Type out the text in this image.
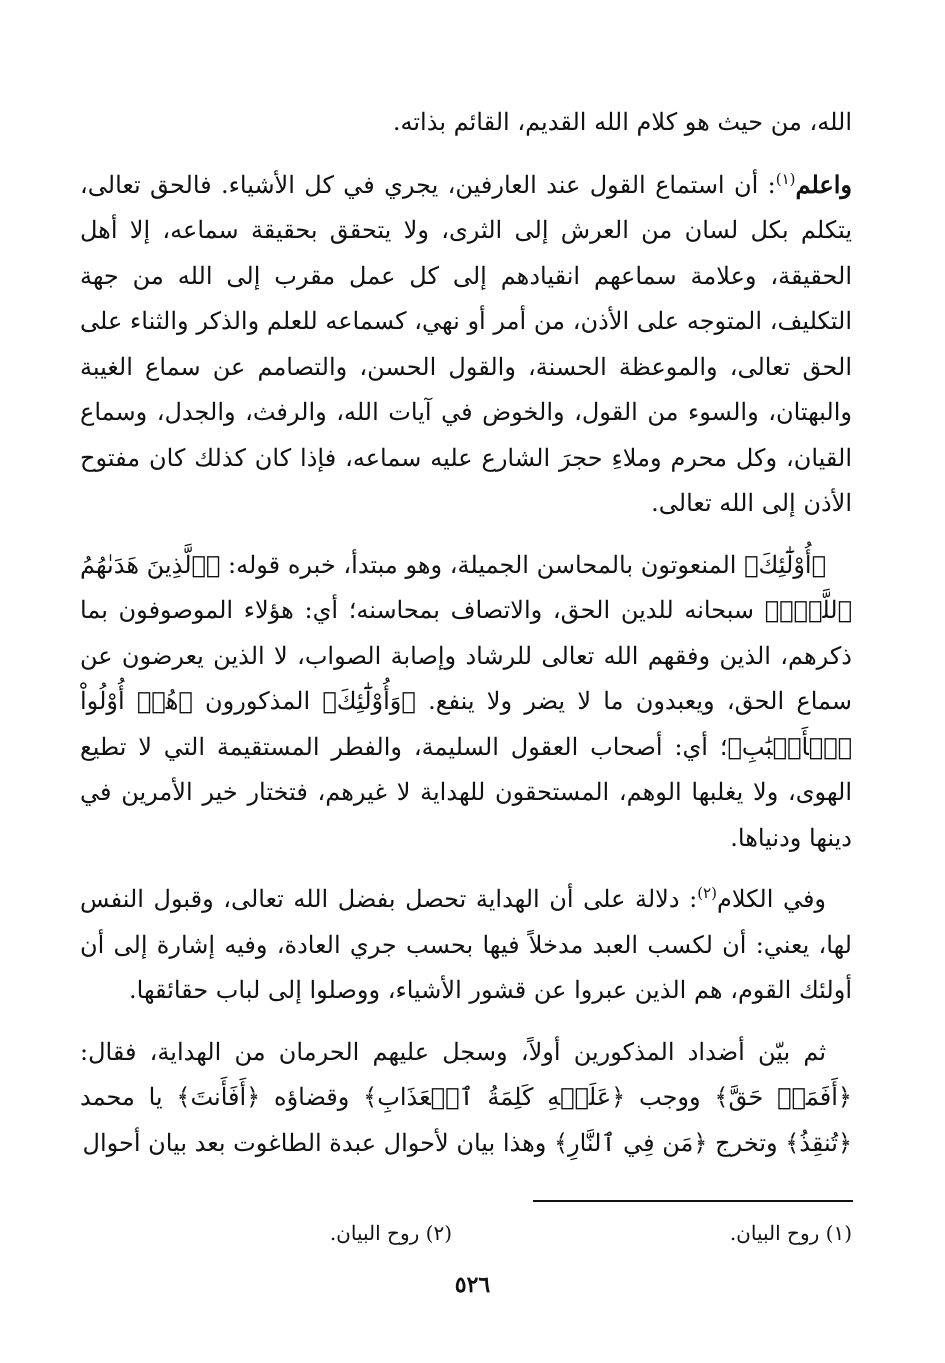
الله، من حيث هو كلام الله القديم، القائم بذاته.

واعلم$^{(١)}$: أن استماع القول عند العارفين، يجري في كل الأشياء. فالحق تعالى، يتكلم بكل لسان من العرش إلى الثرى، ولا يتحقق بحقيقة سماعه، إلا أهل الحقيقة، وعلامة سماعهم انقيادهم إلى كل عمل مقرب إلى الله من جهة التكليف، المتوجه على الأذن، من أمر أو نهي، كسماعه للعلم والذكر والثناء على الحق تعالى، والموعظة الحسنة، والقول الحسن، والتصامم عن سماع الغيبة والبهتان، والسوء من القول، والخوض في آيات الله، والرفث، والجدل، وسماع القيان، وكل محرم وملاءِ حجرَ الشارع عليه سماعه، فإذا كان كذلك كان مفتوح الأذن إلى الله تعالى.

﴿أُوْلَٰٓئِكَ﴾ المنعوتون بالمحاسن الجميلة، وهو مبتدأ، خبره قوله: ﴿ٱلَّذِينَ هَدَىٰهُمُ ٱللَّهُۖ﴾ سبحانه للدين الحق، والاتصاف بمحاسنه؛ أي: هؤلاء الموصوفون بما ذكرهم، الذين وفقهم الله تعالى للرشاد وإصابة الصواب، لا الذين يعرضون عن سماع الحق، ويعبدون ما لا يضر ولا ينفع. ﴿وَأُوْلَٰٓئِكَ﴾ المذكورون ﴿هُمۡ أُوْلُواْ ٱلۡأَلۡبَٰبِ﴾؛ أي: أصحاب العقول السليمة، والفطر المستقيمة التي لا تطيع الهوى، ولا يغلبها الوهم، المستحقون للهداية لا غيرهم، فتختار خير الأمرين في دينها ودنياها.

وفي الكلام$^{(٢)}$: دلالة على أن الهداية تحصل بفضل الله تعالى، وقبول النفس لها، يعني: أن لكسب العبد مدخلاً فيها بحسب جري العادة، وفيه إشارة إلى أن أولئك القوم، هم الذين عبروا عن قشور الأشياء، ووصلوا إلى لباب حقائقها.

ثم بيّن أضداد المذكورين أولاً، وسجل عليهم الحرمان من الهداية، فقال: ﴿أَفَمَنۡ حَقَّ﴾ ووجب ﴿عَلَيۡهِ كَلِمَةُ ٱلۡعَذَابِ﴾ وقضاؤه ﴿أَفَأَنتَ﴾ يا محمد ﴿تُنقِذُ﴾ وتخرج ﴿مَن فِي ٱلنَّارِ﴾ وهذا بيان لأحوال عبدة الطاغوت بعد بيان أحوال

(١) روح البيان.
(٢) روح البيان.
٥٢٦
